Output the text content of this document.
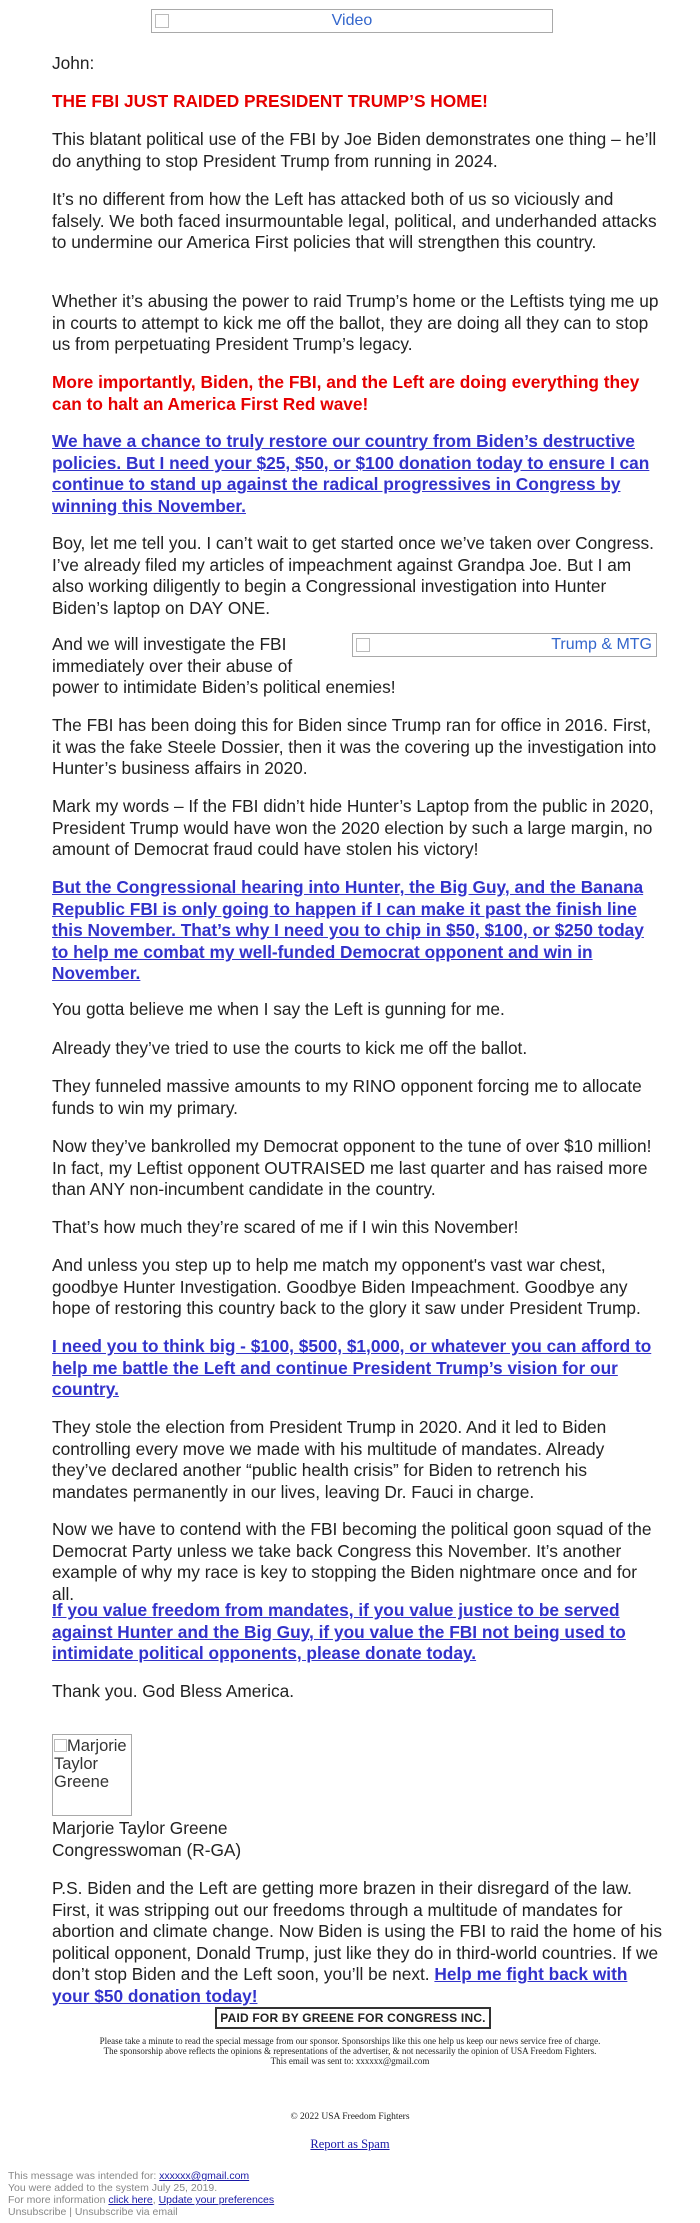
Video

John:

THE FBI JUST RAIDED PRESIDENT TRUMP’S HOME!

This blatant political use of the FBI by Joe Biden demonstrates one thing – he’ll do anything to stop President Trump from running in 2024.

It’s no different from how the Left has attacked both of us so viciously and falsely. We both faced insurmountable legal, political, and underhanded attacks to undermine our America First policies that will strengthen this country.

Whether it’s abusing the power to raid Trump’s home or the Leftists tying me up in courts to attempt to kick me off the ballot, they are doing all they can to stop us from perpetuating President Trump’s legacy.

More importantly, Biden, the FBI, and the Left are doing everything they can to halt an America First Red wave!

We have a chance to truly restore our country from Biden’s destructive policies. But I need your $25, $50, or $100 donation today to ensure I can continue to stand up against the radical progressives in Congress by winning this November.

Boy, let me tell you. I can’t wait to get started once we’ve taken over Congress. I’ve already filed my articles of impeachment against Grandpa Joe. But I am also working diligently to begin a Congressional investigation into Hunter Biden’s laptop on DAY ONE.

And we will investigate the FBI	Trump & MTG

immediately over their abuse of

power to intimidate Biden’s political enemies!

The FBI has been doing this for Biden since Trump ran for office in 2016. First, it was the fake Steele Dossier, then it was the covering up the investigation into Hunter’s business affairs in 2020.

Mark my words – If the FBI didn’t hide Hunter’s Laptop from the public in 2020, President Trump would have won the 2020 election by such a large margin, no amount of Democrat fraud could have stolen his victory!

But the Congressional hearing into Hunter, the Big Guy, and the Banana Republic FBI is only going to happen if I can make it past the finish line this November. That’s why I need you to chip in $50, $100, or $250 today to help me combat my well-funded Democrat opponent and win in November.

You gotta believe me when I say the Left is gunning for me.

Already they’ve tried to use the courts to kick me off the ballot.

They funneled massive amounts to my RINO opponent forcing me to allocate funds to win my primary.

Now they’ve bankrolled my Democrat opponent to the tune of over $10 million! In fact, my Leftist opponent OUTRAISED me last quarter and has raised more than ANY non-incumbent candidate in the country.

That’s how much they’re scared of me if I win this November!

And unless you step up to help me match my opponent's vast war chest, goodbye Hunter Investigation. Goodbye Biden Impeachment. Goodbye any hope of restoring this country back to the glory it saw under President Trump.

I need you to think big - $100, $500, $1,000, or whatever you can afford to help me battle the Left and continue President Trump’s vision for our country.

They stole the election from President Trump in 2020. And it led to Biden controlling every move we made with his multitude of mandates. Already they’ve declared another “public health crisis” for Biden to retrench his mandates permanently in our lives, leaving Dr. Fauci in charge.

Now we have to contend with the FBI becoming the political goon squad of the Democrat Party unless we take back Congress this November. It’s another example of why my race is key to stopping the Biden nightmare once and for all.

If you value freedom from mandates, if you value justice to be served against Hunter and the Big Guy, if you value the FBI not being used to intimidate political opponents, please donate today.

Thank you. God Bless America.

Marjorie Taylor Greene

Marjorie Taylor Greene

Congresswoman (R-GA)

P.S. Biden and the Left are getting more brazen in their disregard of the law. First, it was stripping out our freedoms through a multitude of mandates for abortion and climate change. Now Biden is using the FBI to raid the home of his political opponent, Donald Trump, just like they do in third-world countries. If we don’t stop Biden and the Left soon, you’ll be next. Help me fight back with your $50 donation today!

PAID FOR BY GREENE FOR CONGRESS INC.
Please take a minute to read the special message from our sponsor. Sponsorships like this one help us keep our news service free of charge.
The sponsorship above reflects the opinions & representations of the advertiser, & not necessarily the opinion of USA Freedom Fighters.
This email was sent to: xxxxxx@gmail.com
© 2022 USA Freedom Fighters
Report as Spam
This message was intended for: xxxxxx@gmail.com
You were added to the system July 25, 2019.
For more information click here, Update your preferences
Unsubscribe | Unsubscribe via email
